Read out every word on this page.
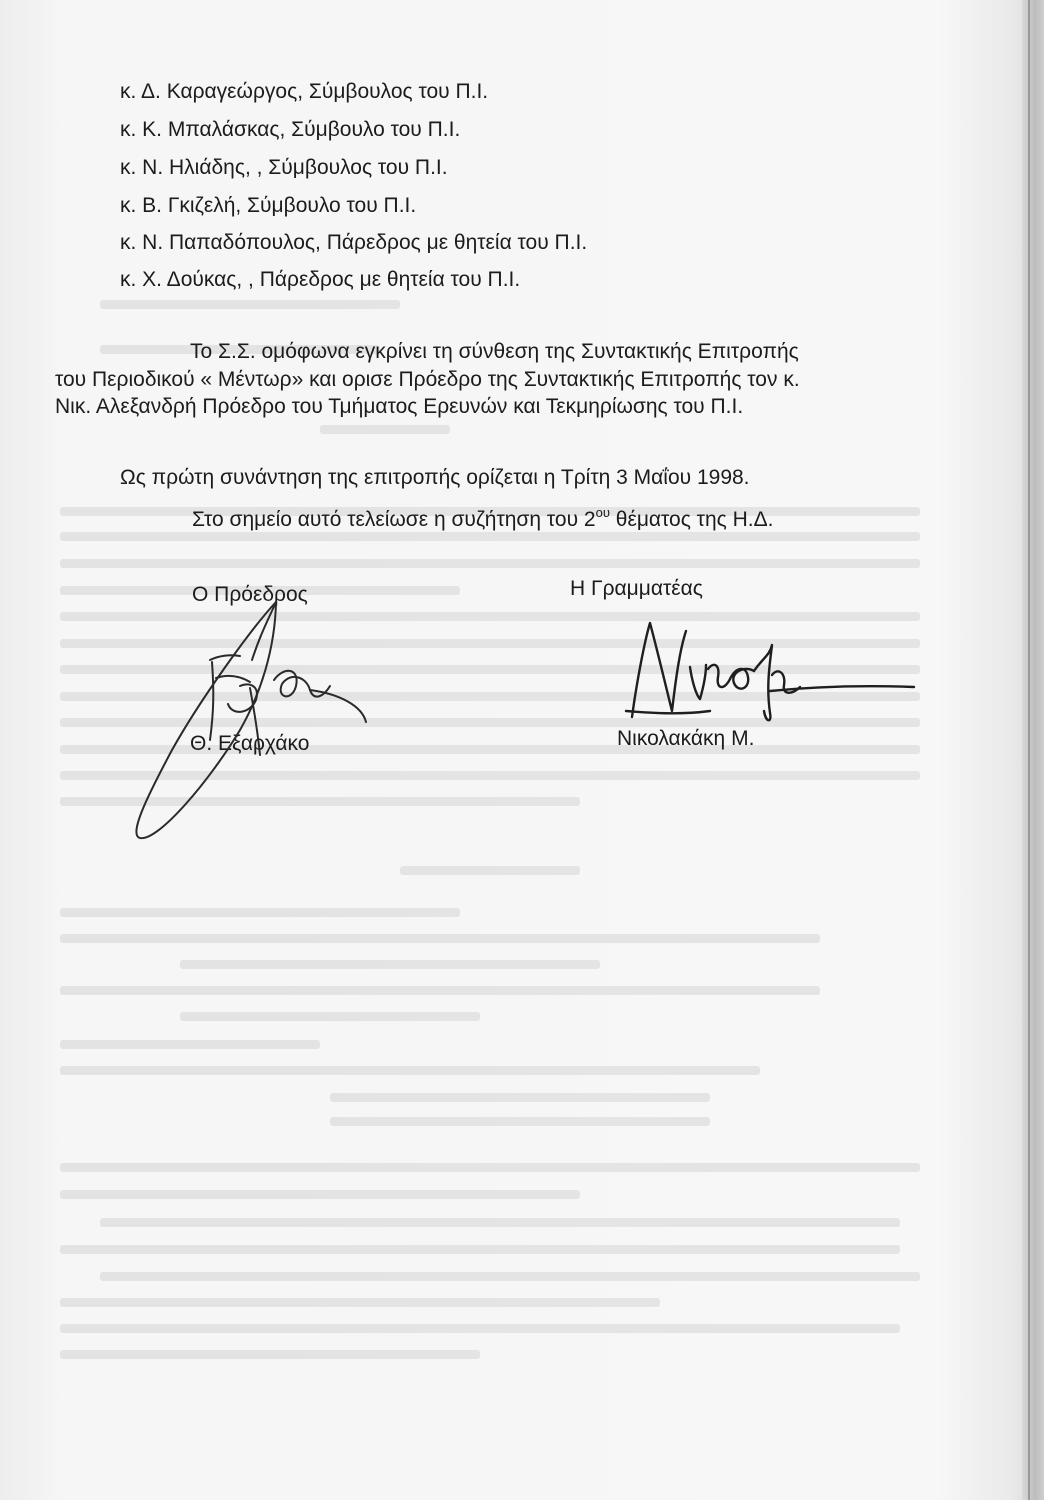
κ. Δ. Καραγεώργος, Σύμβουλος του Π.Ι.
κ. Κ. Μπαλάσκας, Σύμβουλο του Π.Ι.
κ. Ν. Ηλιάδης, , Σύμβουλος του Π.Ι.
κ. Β. Γκιζελή, Σύμβουλο του Π.Ι.
κ. Ν. Παπαδόπουλος, Πάρεδρος με θητεία του Π.Ι.
κ. Χ. Δούκας, , Πάρεδρος με θητεία του Π.Ι.
Το Σ.Σ. ομόφωνα εγκρίνει τη σύνθεση της Συντακτικής Επιτροπής
του Περιοδικού « Μέντωρ» και ορισε Πρόεδρο της Συντακτικής Επιτροπής τον κ.
Νικ. Αλεξανδρή Πρόεδρο του Τμήματος Ερευνών και Τεκμηρίωσης του Π.Ι.
Ως πρώτη συνάντηση της επιτροπής ορίζεται η Τρίτη 3 Μαΐου 1998.
Στο σημείο αυτό τελείωσε η συζήτηση του $2^{o\upsilon}$ θέματος της Η.Δ.
Ο Πρόεδρος	Η Γραμματέας
Θ. Εξαρχάκο	Νικολακάκη Μ.
